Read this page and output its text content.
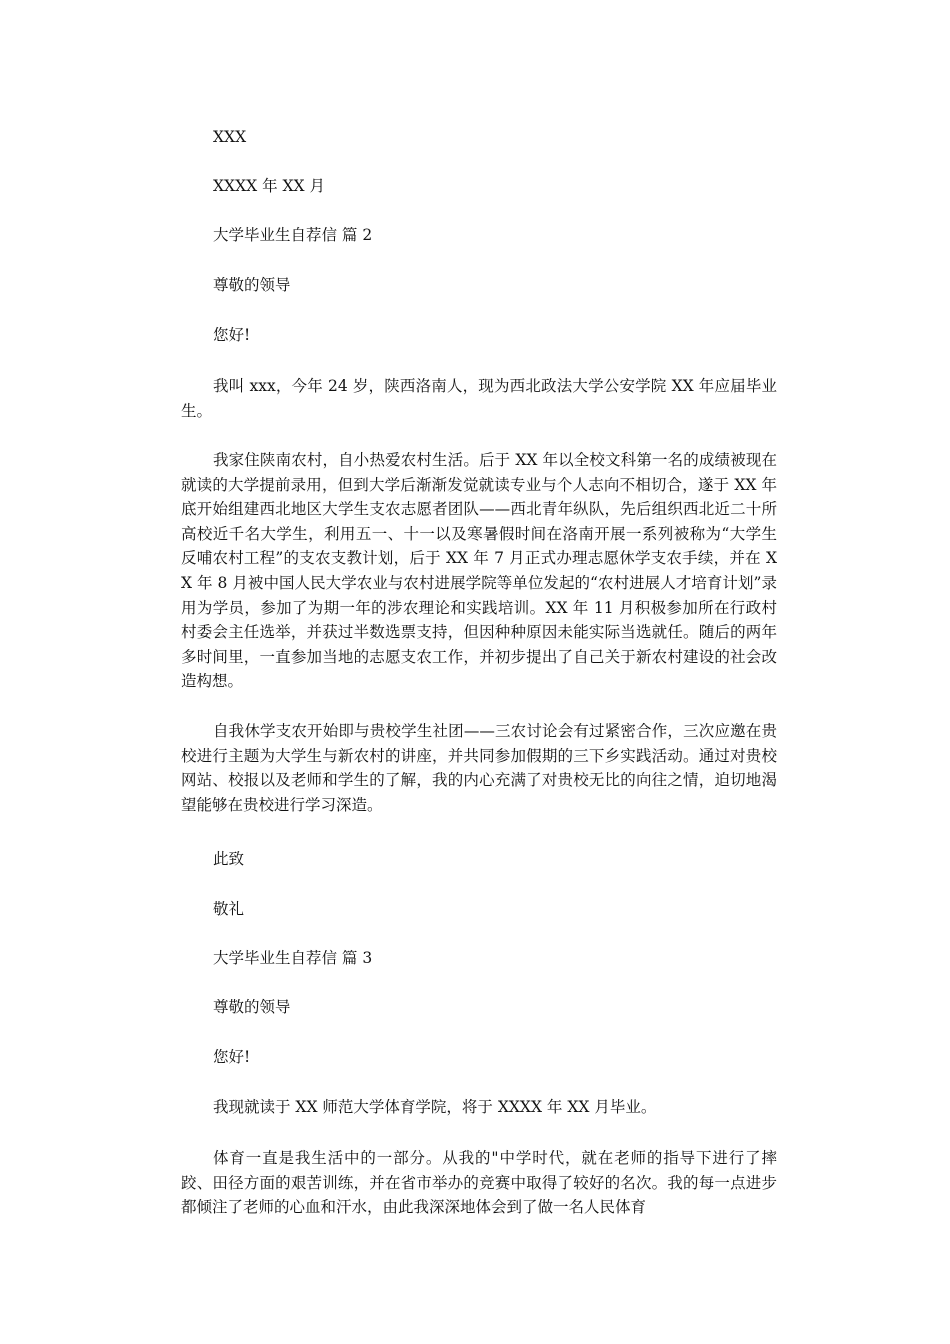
XXX
XXXX 年 XX 月
大学毕业生自荐信 篇 2
尊敬的领导
您好!
我叫 xxx，今年 24 岁，陕西洛南人，现为西北政法大学公安学院 XX 年应届毕业生。
我家住陕南农村，自小热爱农村生活。后于 XX 年以全校文科第一名的成绩被现在就读的大学提前录用，但到大学后渐渐发觉就读专业与个人志向不相切合，遂于 XX 年底开始组建西北地区大学生支农志愿者团队——西北青年纵队，先后组织西北近二十所高校近千名大学生，利用五一、十一以及寒暑假时间在洛南开展一系列被称为“大学生反哺农村工程”的支农支教计划，后于 XX 年 7 月正式办理志愿休学支农手续，并在 XX 年 8 月被中国人民大学农业与农村进展学院等单位发起的“农村进展人才培育计划”录用为学员，参加了为期一年的涉农理论和实践培训。XX 年 11 月积极参加所在行政村村委会主任选举，并获过半数选票支持，但因种种原因未能实际当选就任。随后的两年多时间里，一直参加当地的志愿支农工作，并初步提出了自己关于新农村建设的社会改造构想。
自我休学支农开始即与贵校学生社团——三农讨论会有过紧密合作，三次应邀在贵校进行主题为大学生与新农村的讲座，并共同参加假期的三下乡实践活动。通过对贵校网站、校报以及老师和学生的了解，我的内心充满了对贵校无比的向往之情，迫切地渴望能够在贵校进行学习深造。
此致
敬礼
大学毕业生自荐信 篇 3
尊敬的领导
您好!
我现就读于 XX 师范大学体育学院，将于 XXXX 年 XX 月毕业。
体育一直是我生活中的一部分。从我的"中学时代，就在老师的指导下进行了摔跤、田径方面的艰苦训练，并在省市举办的竞赛中取得了较好的名次。我的每一点进步都倾注了老师的心血和汗水，由此我深深地体会到了做一名人民体育
